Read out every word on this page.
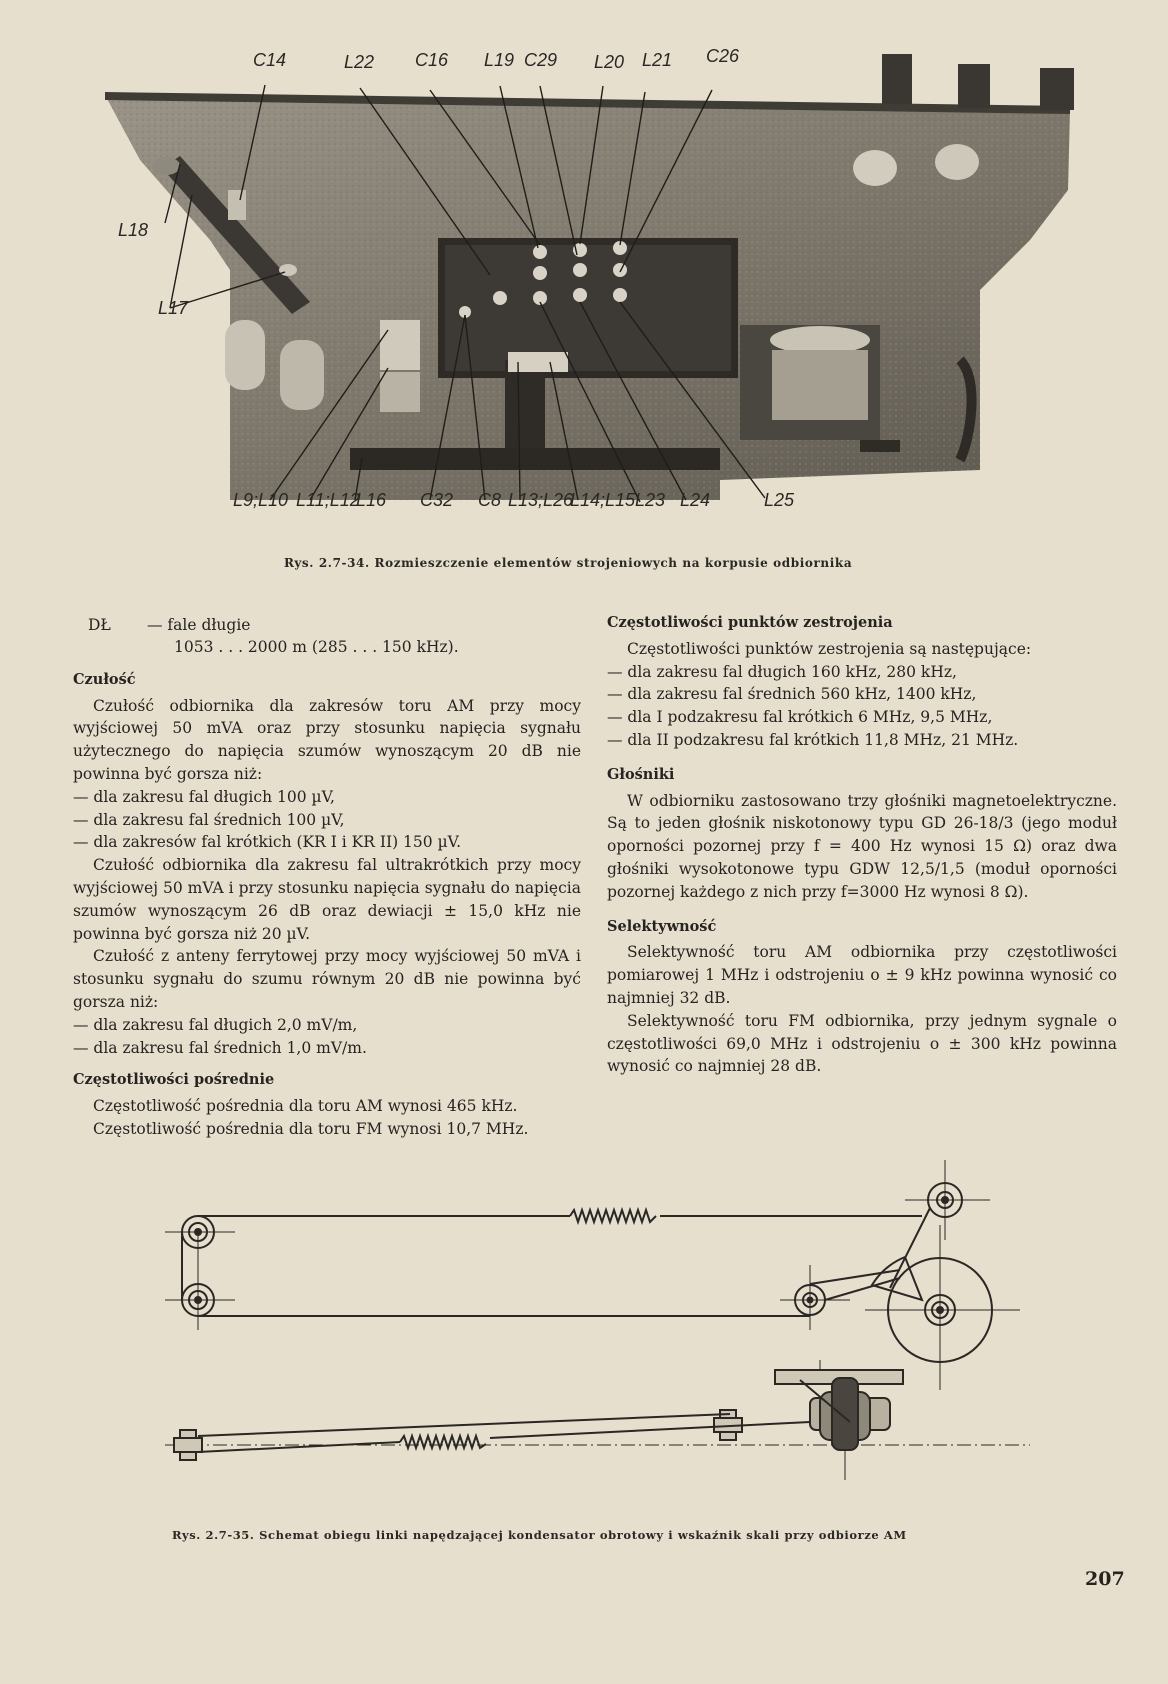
C14	L22 C16 L19 C29 L20 L21 C26
L18
L17
L9;L10 L11;L12
L16 C32 C8 L13;L26
L14;L15 L23 L24	L25
Rys. 2.7-34. Rozmieszczenie elementów strojeniowych na korpusie odbiornika
DŁ — fale długie
1053 . . . 2000 m (285 . . . 150 kHz).
Czułość

Czułość odbiornika dla zakresów toru AM przy mocy wyjściowej 50 mVA oraz przy stosunku napięcia sygnału użytecznego do napięcia szumów wynoszącym 20 dB nie powinna być gorsza niż:

— dla zakresu fal długich 100 µV,

— dla zakresu fal średnich 100 µV,

— dla zakresów fal krótkich (KR I i KR II) 150 µV.

Czułość odbiornika dla zakresu fal ultrakrótkich przy mocy wyjściowej 50 mVA i przy stosunku napięcia sygnału do napięcia szumów wynoszącym 26 dB oraz dewiacji ± 15,0 kHz nie powinna być gorsza niż 20 µV.

Czułość z anteny ferrytowej przy mocy wyjściowej 50 mVA i stosunku sygnału do szumu równym 20 dB nie powinna być gorsza niż:

— dla zakresu fal długich 2,0 mV/m,

— dla zakresu fal średnich 1,0 mV/m.

Częstotliwości pośrednie

Częstotliwość pośrednia dla toru AM wynosi 465 kHz.

Częstotliwość pośrednia dla toru FM wynosi 10,7 MHz.

Częstotliwości punktów zestrojenia

Częstotliwości punktów zestrojenia są następujące:

— dla zakresu fal długich 160 kHz, 280 kHz,

— dla zakresu fal średnich 560 kHz, 1400 kHz,

— dla I podzakresu fal krótkich 6 MHz, 9,5 MHz,

— dla II podzakresu fal krótkich 11,8 MHz, 21 MHz.

Głośniki

W odbiorniku zastosowano trzy głośniki magnetoelektryczne. Są to jeden głośnik niskotonowy typu GD 26-18/3 (jego moduł oporności pozornej przy f = 400 Hz wynosi 15 Ω) oraz dwa głośniki wysokotonowe typu GDW 12,5/1,5 (moduł oporności pozornej każdego z nich przy f=3000 Hz wynosi 8 Ω).

Selektywność

Selektywność toru AM odbiornika przy częstotliwości pomiarowej 1 MHz i odstrojeniu o ± 9 kHz powinna wynosić co najmniej 32 dB.

Selektywność toru FM odbiornika, przy jednym sygnale o częstotliwości 69,0 MHz i odstrojeniu o ± 300 kHz powinna wynosić co najmniej 28 dB.

Rys. 2.7-35. Schemat obiegu linki napędzającej kondensator obrotowy i wskaźnik skali przy odbiorze AM
207
